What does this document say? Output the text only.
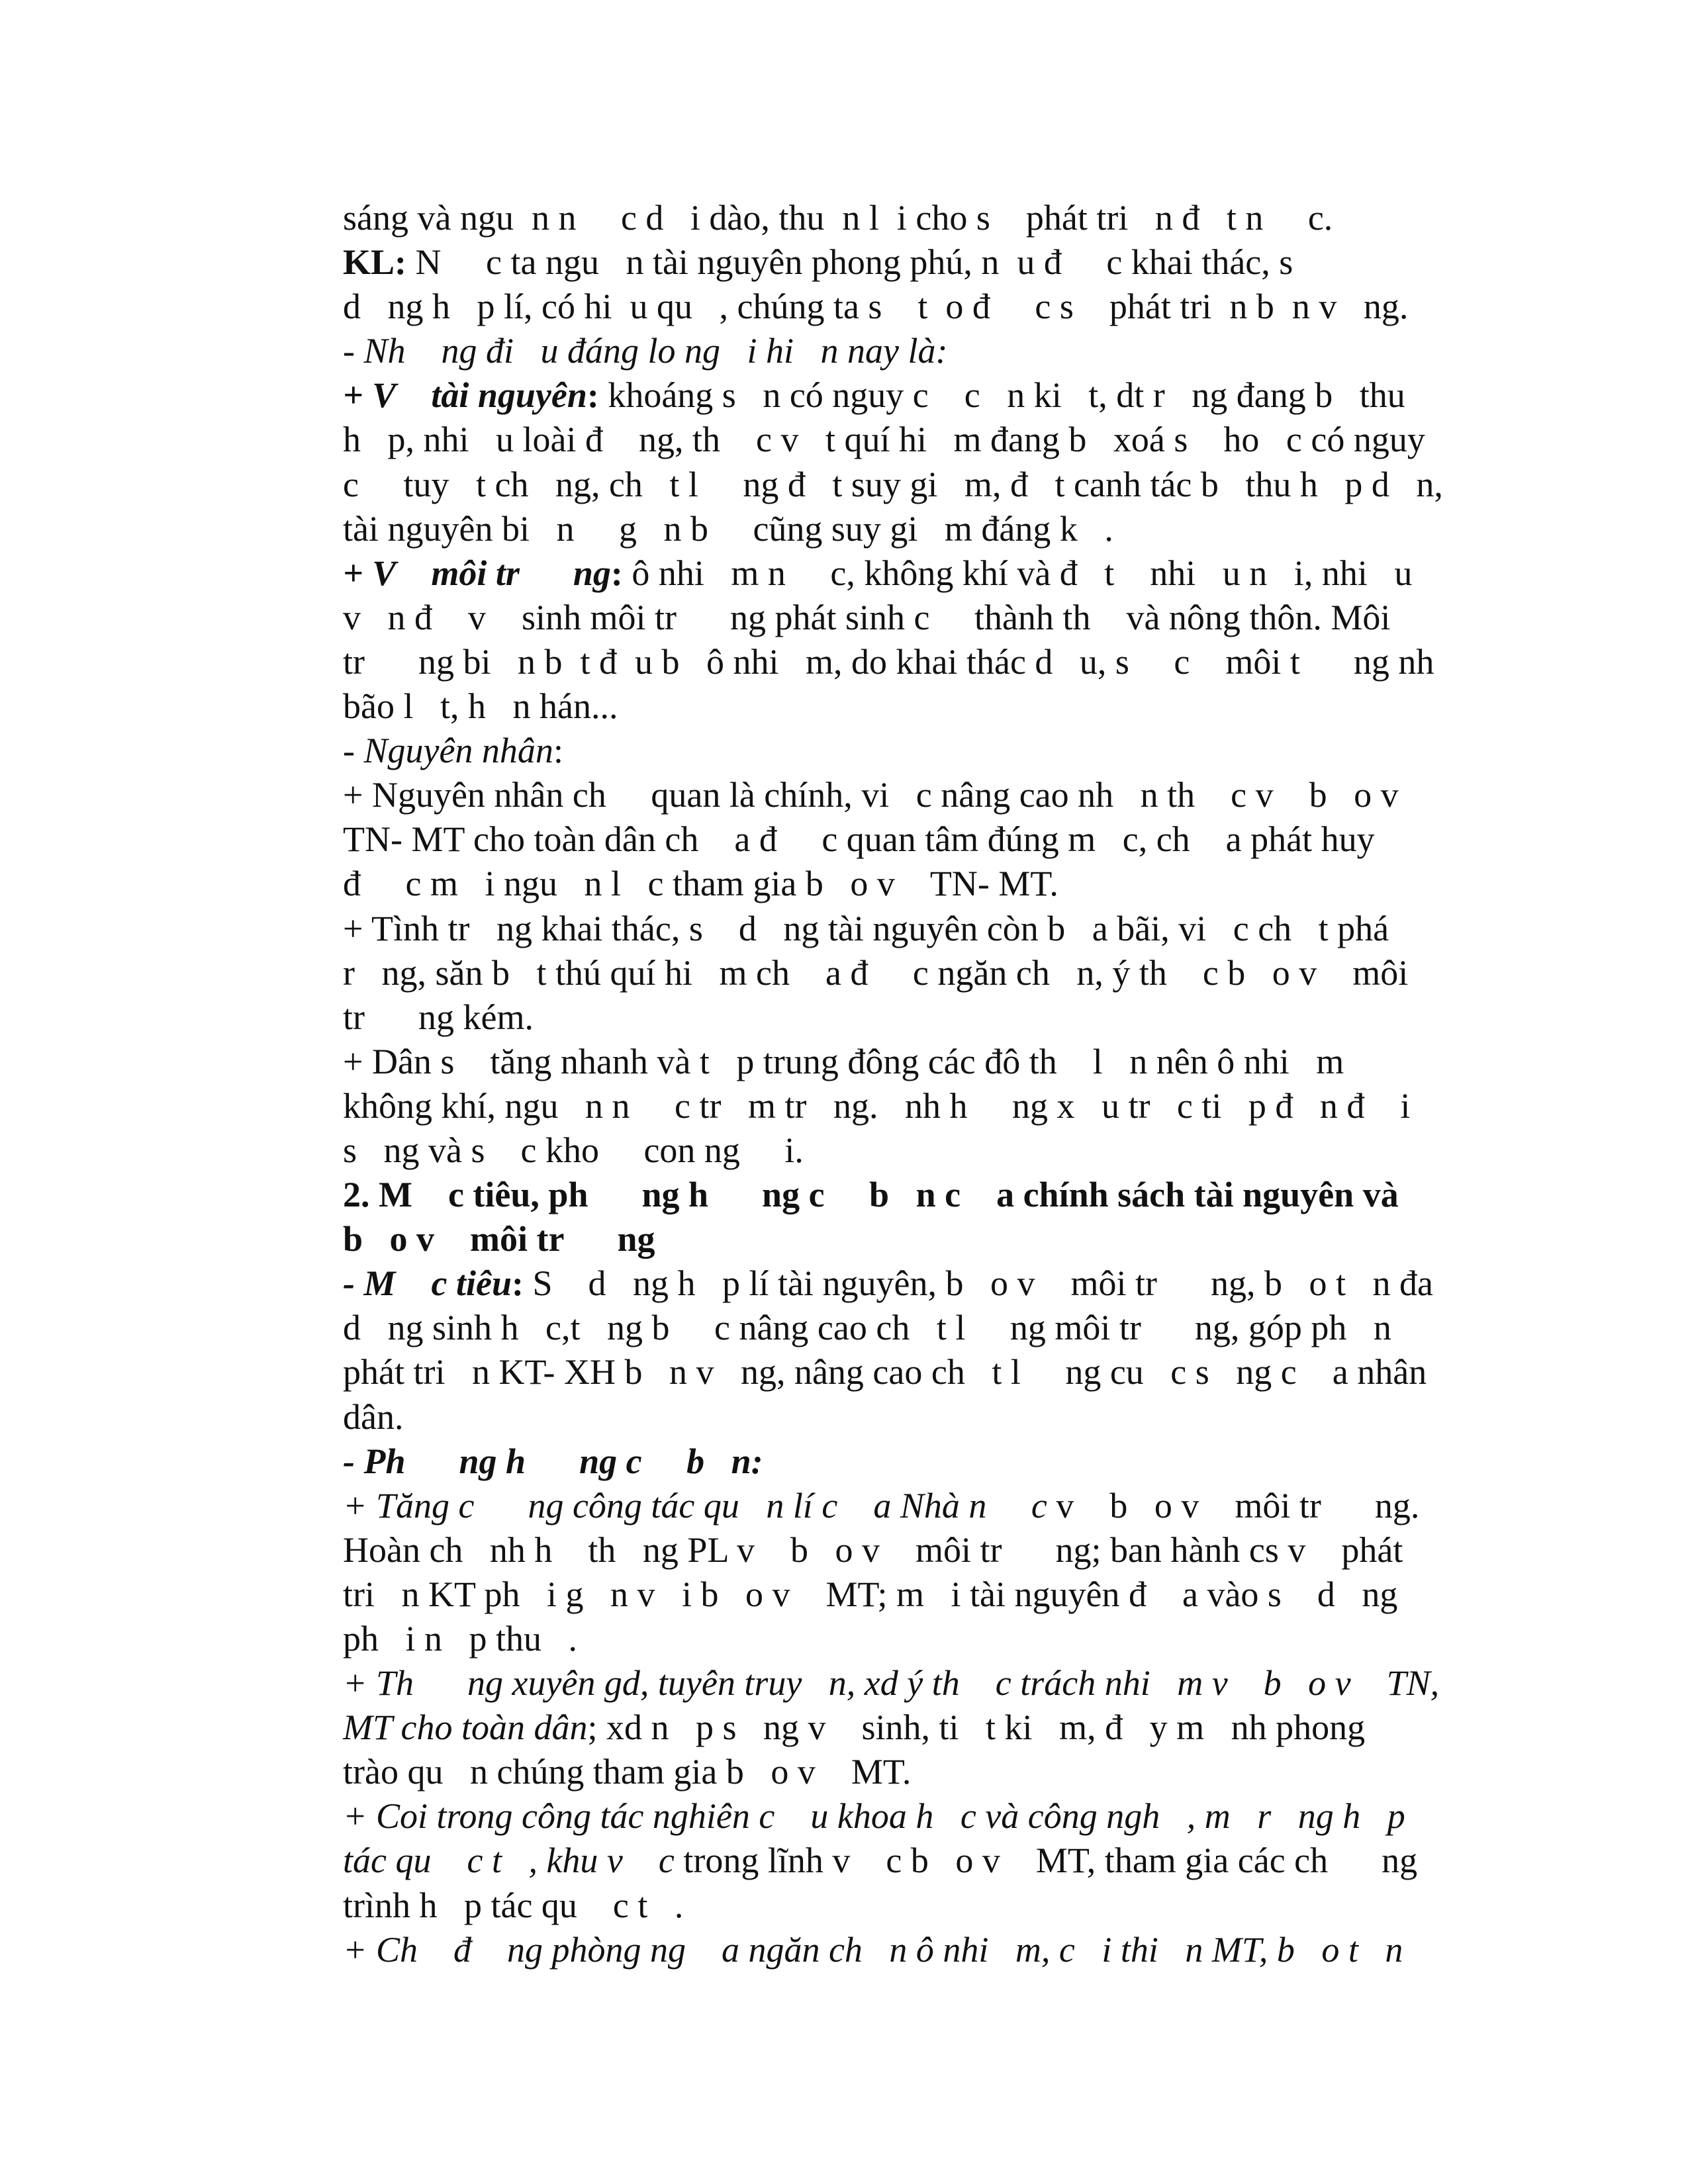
sáng và ngu  n n     c d   i dào, thu  n l  i cho s    phát tri   n đ   t n     c.
KL: N     c ta ngu   n tài nguyên phong phú, n  u đ     c khai thác, s
d   ng h   p lí, có hi  u qu   , chúng ta s    t  o đ     c s    phát tri  n b  n v   ng.
- Nh    ng đi   u đáng lo ng   i hi   n nay là:
+ V    tài nguyên: khoáng s   n có nguy c    c   n ki   t, dt r   ng đang b   thu
h   p, nhi   u loài đ    ng, th    c v   t quí hi   m đang b   xoá s    ho   c có nguy
c     tuy   t ch   ng, ch   t l     ng đ   t suy gi   m, đ   t canh tác b   thu h   p d   n,
tài nguyên bi   n     g   n b     cũng suy gi   m đáng k   .
+ V    môi tr      ng: ô nhi   m n     c, không khí và đ   t    nhi   u n   i, nhi   u
v   n đ    v    sinh môi tr      ng phát sinh c     thành th    và nông thôn. Môi
tr      ng bi   n b  t đ  u b   ô nhi   m, do khai thác d   u, s     c    môi t      ng nh
bão l   t, h   n hán...
- Nguyên nhân:
+ Nguyên nhân ch     quan là chính, vi   c nâng cao nh   n th    c v    b   o v
TN- MT cho toàn dân ch    a đ     c quan tâm đúng m   c, ch    a phát huy
đ     c m   i ngu   n l   c tham gia b   o v    TN- MT.
+ Tình tr   ng khai thác, s    d   ng tài nguyên còn b   a bãi, vi   c ch   t phá
r   ng, săn b   t thú quí hi   m ch    a đ     c ngăn ch   n, ý th    c b   o v    môi
tr      ng kém.
+ Dân s    tăng nhanh và t   p trung đông các đô th    l   n nên ô nhi   m
không khí, ngu   n n     c tr   m tr   ng.   nh h     ng x   u tr   c ti   p đ   n đ    i
s   ng và s    c kho     con ng     i.
2. M    c tiêu, ph      ng h      ng c     b   n c    a chính sách tài nguyên và
b   o v    môi tr      ng
- M    c tiêu: S    d   ng h   p lí tài nguyên, b   o v    môi tr      ng, b   o t   n đa
d   ng sinh h   c,t   ng b     c nâng cao ch   t l     ng môi tr      ng, góp ph   n
phát tri   n KT- XH b   n v   ng, nâng cao ch   t l     ng cu   c s   ng c    a nhân
dân.
- Ph      ng h      ng c     b   n:
+ Tăng c      ng công tác qu   n lí c    a Nhà n     c v    b   o v    môi tr      ng.
Hoàn ch   nh h    th   ng PL v    b   o v    môi tr      ng; ban hành cs v    phát
tri   n KT ph   i g   n v   i b   o v    MT; m   i tài nguyên đ    a vào s    d   ng
ph   i n   p thu   .
+ Th      ng xuyên gd, tuyên truy   n, xd ý th    c trách nhi   m v    b   o v    TN,
MT cho toàn dân; xd n   p s   ng v    sinh, ti   t ki   m, đ   y m   nh phong
trào qu   n chúng tham gia b   o v    MT.
+ Coi trong công tác nghiên c    u khoa h   c và công ngh   , m   r   ng h   p
tác qu    c t   , khu v    c trong lĩnh v    c b   o v    MT, tham gia các ch      ng
trình h   p tác qu    c t   .
+ Ch    đ    ng phòng ng    a ngăn ch   n ô nhi   m, c   i thi   n MT, b   o t   n
